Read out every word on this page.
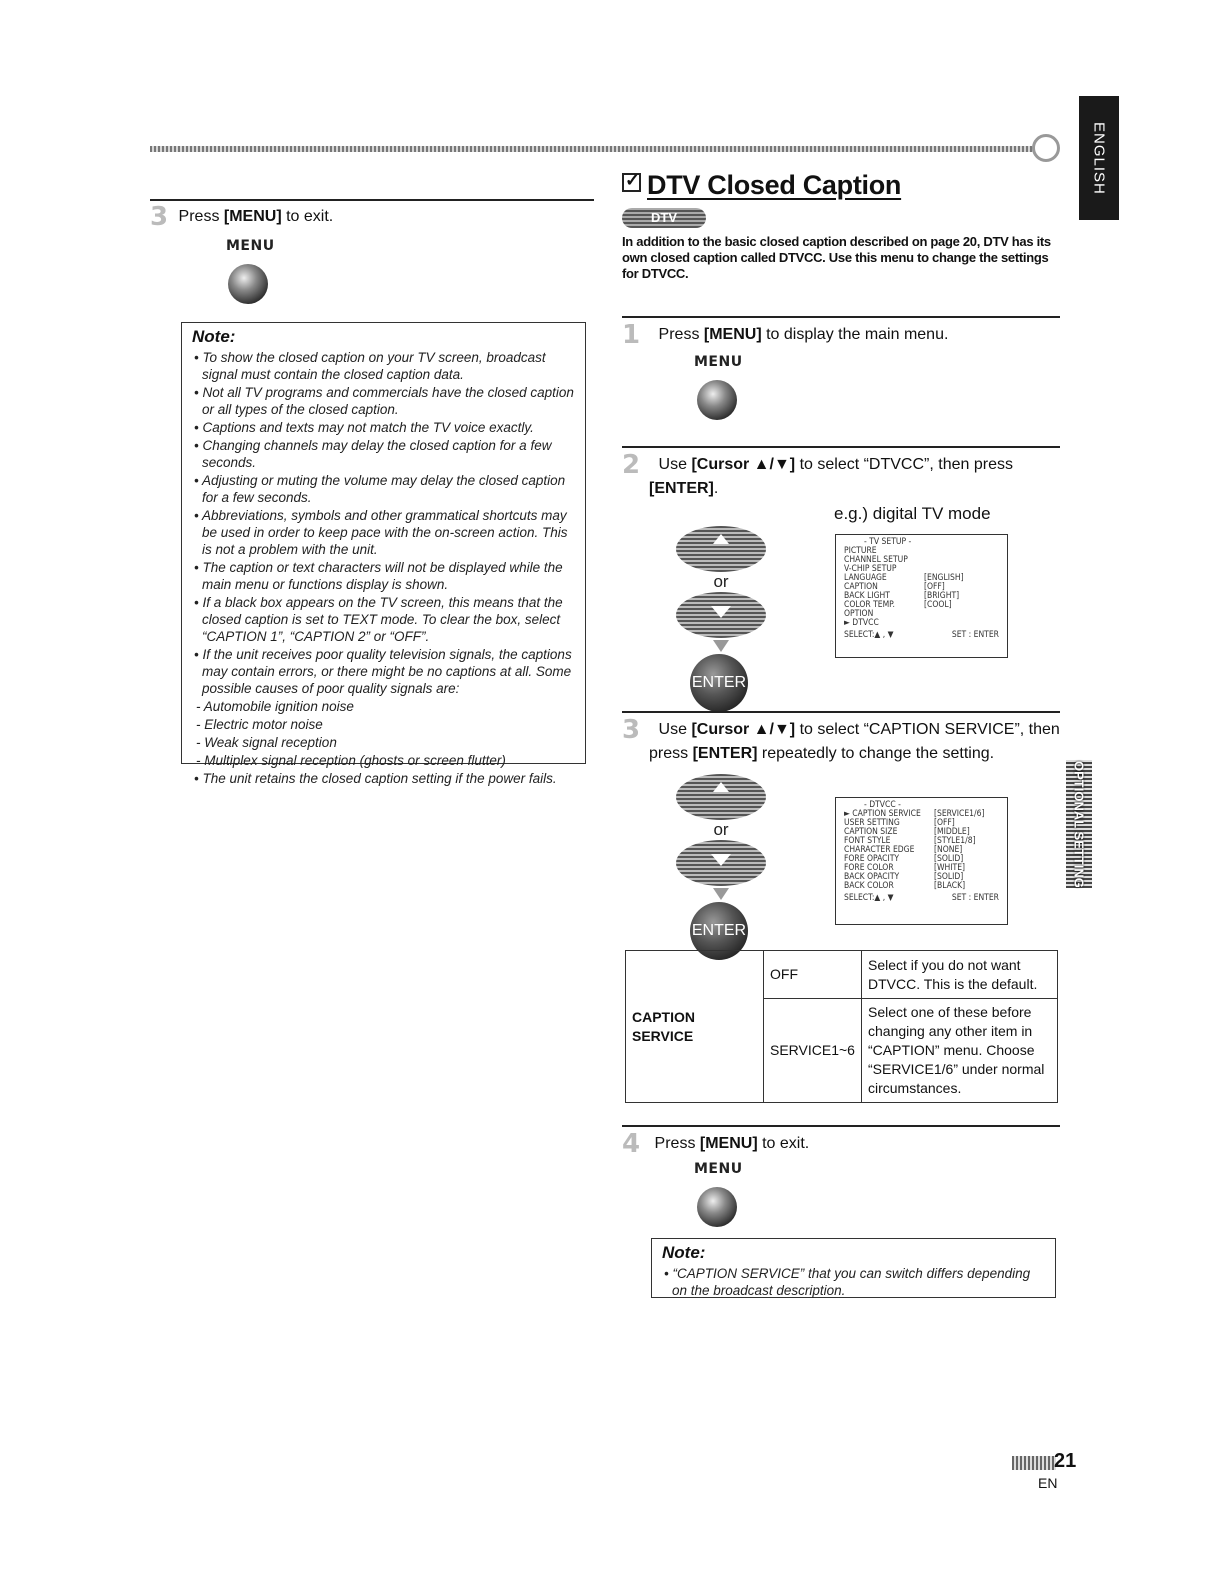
ENGLISH
OPTIONAL SETTING
3 Press [MENU] to exit.
MENU
Note:
• To show the closed caption on your TV screen, broadcast signal must contain the closed caption data.
• Not all TV programs and commercials have the closed caption or all types of the closed caption.
• Captions and texts may not match the TV voice exactly.
• Changing channels may delay the closed caption for a few seconds.
• Adjusting or muting the volume may delay the closed caption for a few seconds.
• Abbreviations, symbols and other grammatical shortcuts may be used in order to keep pace with the on-screen action. This is not a problem with the unit.
• The caption or text characters will not be displayed while the main menu or functions display is shown.
• If a black box appears on the TV screen, this means that the closed caption is set to TEXT mode. To clear the box, select “CAPTION 1”, “CAPTION 2” or “OFF”.
• If the unit receives poor quality television signals, the captions may contain errors, or there might be no captions at all. Some possible causes of poor quality signals are:
- Automobile ignition noise
- Electric motor noise
- Weak signal reception
- Multiplex signal reception (ghosts or screen flutter)
• The unit retains the closed caption setting if the power fails.
✓DTV Closed Caption
DTV
In addition to the basic closed caption described on page 20, DTV has its own closed caption called DTVCC. Use this menu to change the settings for DTVCC.
1 Press [MENU] to display the main menu.
MENU
2 Use [Cursor ▲/▼] to select “DTVCC”, then press
[ENTER].
e.g.) digital TV mode
or
ENTER
- TV SETUP -
PICTURE
CHANNEL SETUP
V-CHIP SETUP
LANGUAGE	[ENGLISH]
CAPTION	[OFF]
BACK LIGHT	[BRIGHT]
COLOR TEMP.	[COOL]
OPTION
► DTVCC
SELECT:▲ , ▼	SET : ENTER
3 Use [Cursor ▲/▼] to select “CAPTION SERVICE”, then
press [ENTER] repeatedly to change the setting.
or
ENTER
- DTVCC -
► CAPTION SERVICE	[SERVICE1/6]
USER SETTING	[OFF]
CAPTION SIZE	[MIDDLE]
FONT STYLE	[STYLE1/8]
CHARACTER EDGE	[NONE]
FORE OPACITY	[SOLID]
FORE COLOR	[WHITE]
BACK OPACITY	[SOLID]
BACK COLOR	[BLACK]
SELECT:▲ , ▼	SET : ENTER
CAPTION SERVICE	OFF	Select if you do not want DTVCC. This is the default.
	SERVICE1~6	Select one of these before changing any other item in “CAPTION” menu. Choose “SERVICE1/6” under normal circumstances.
4 Press [MENU] to exit.
MENU
Note:
• “CAPTION SERVICE” that you can switch differs depending on the broadcast description.
21
EN
